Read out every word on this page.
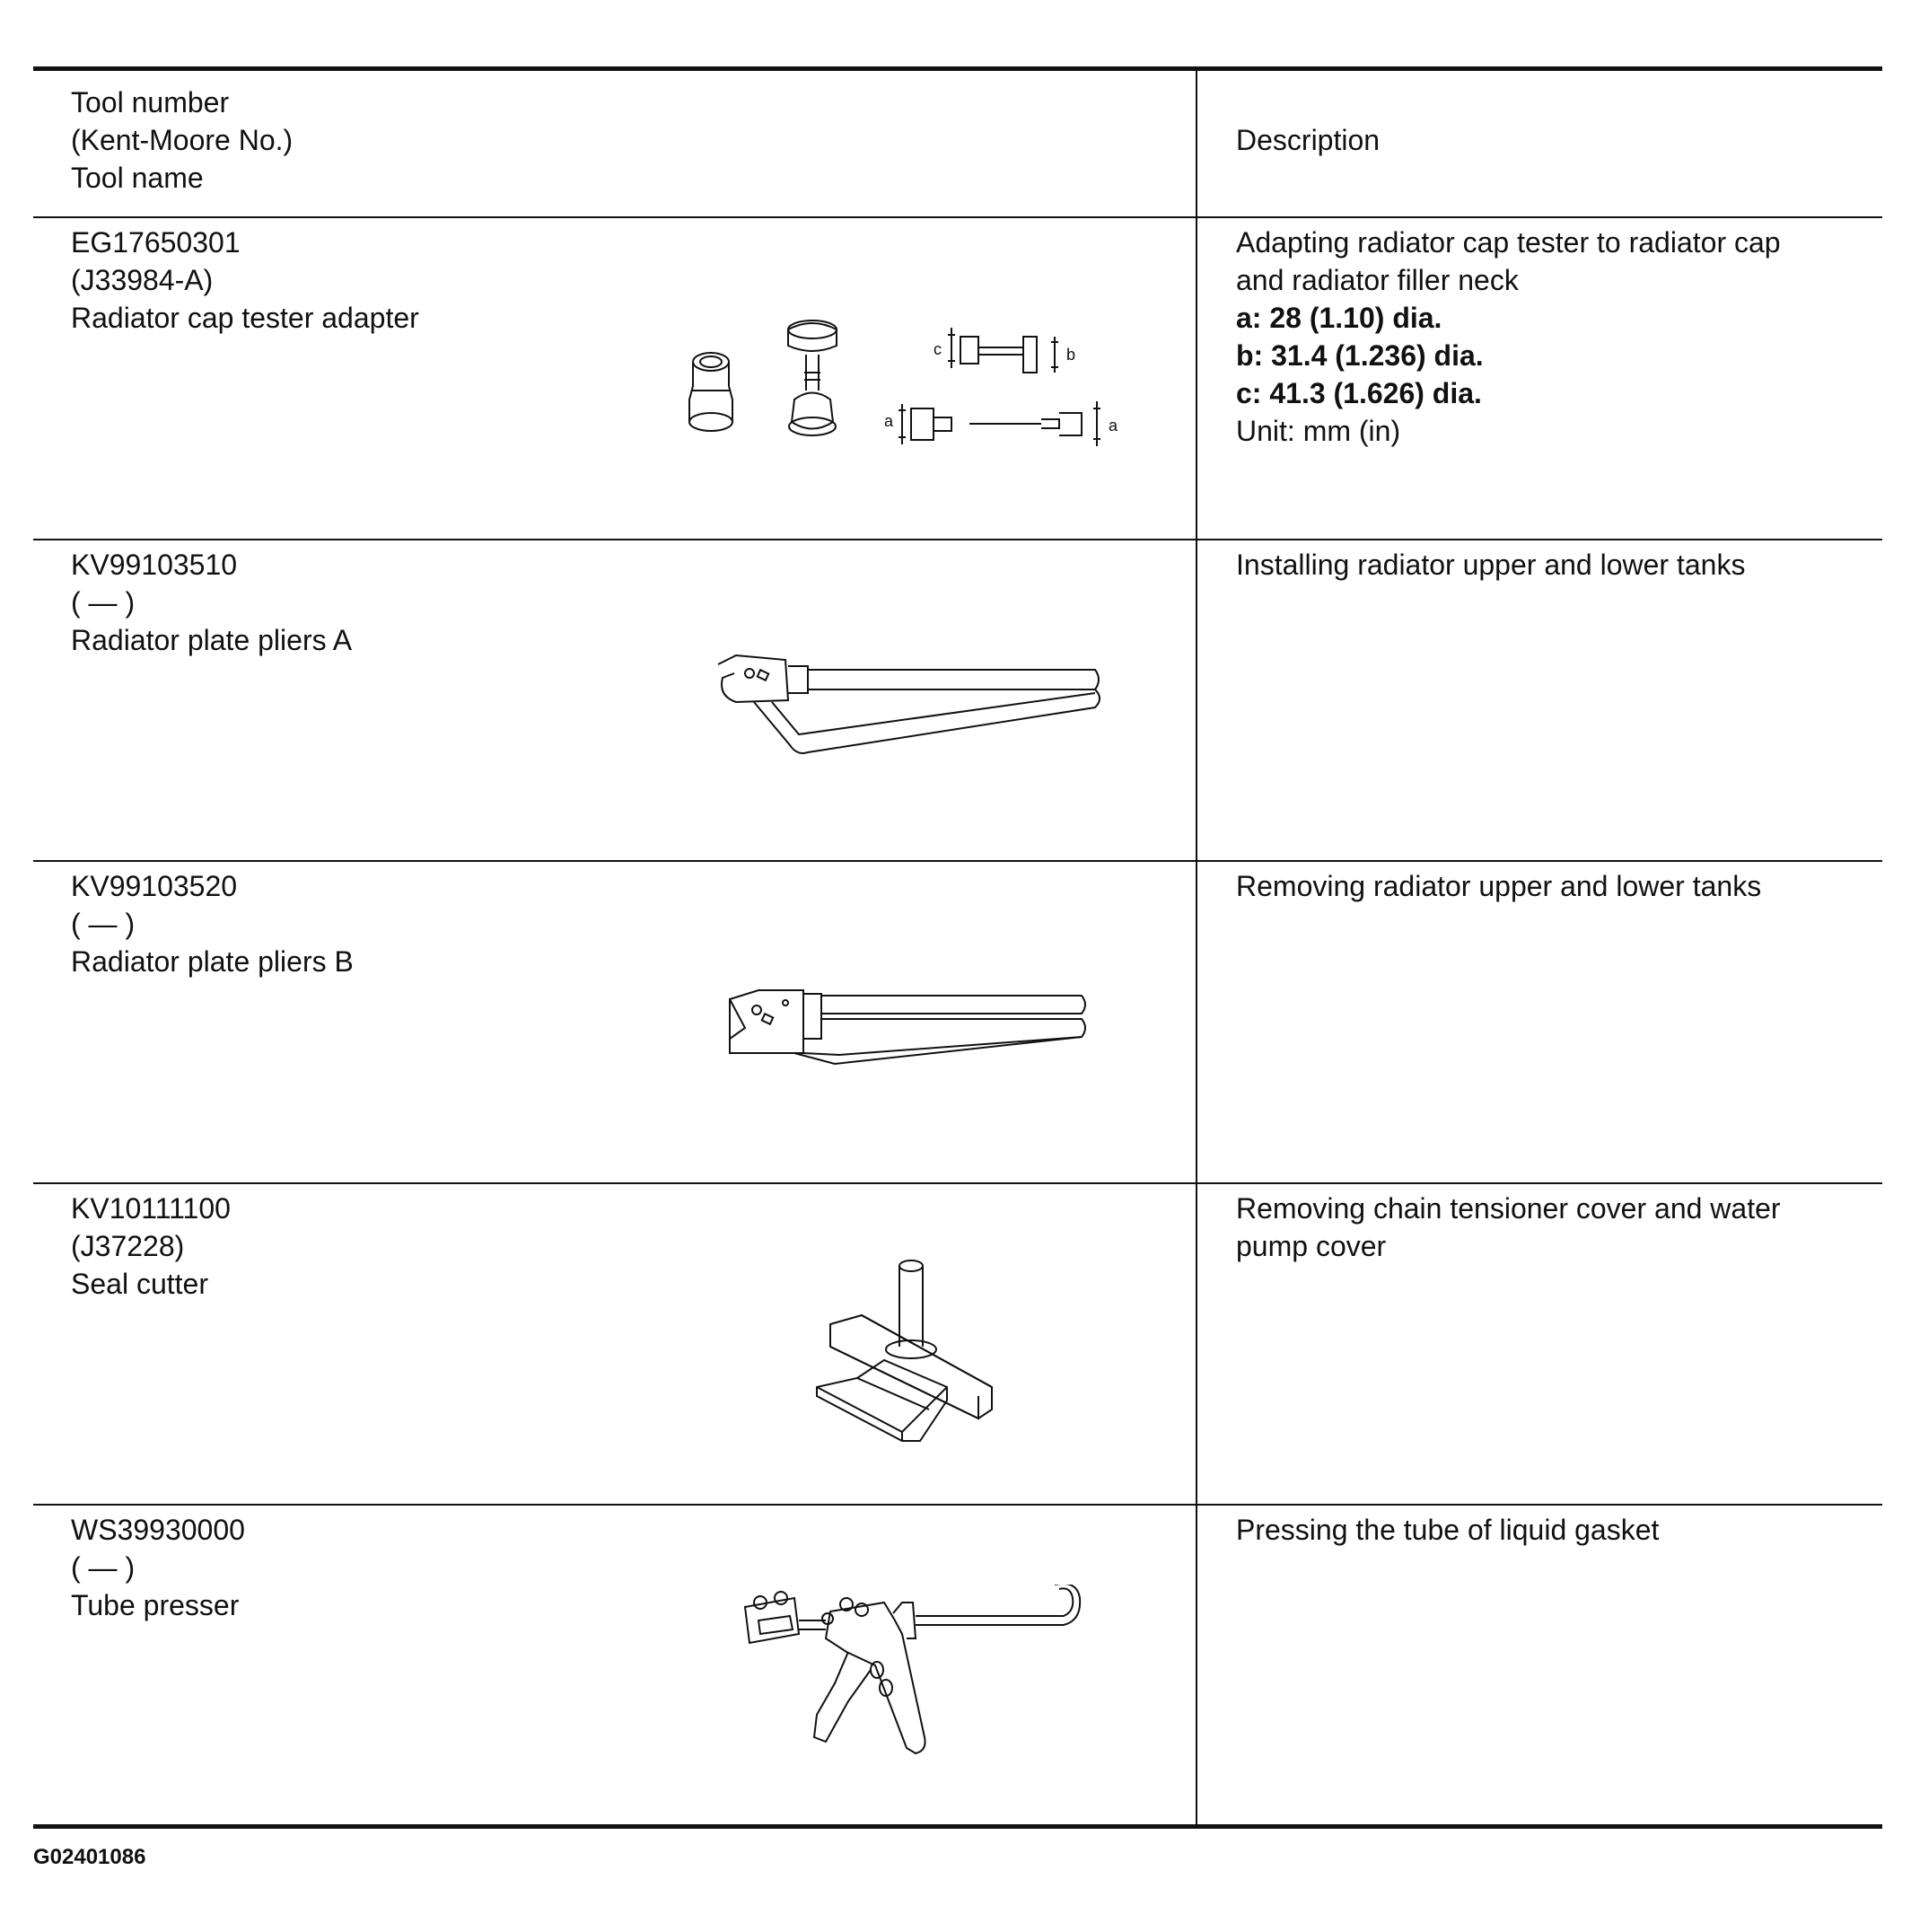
Tool number
(Kent-Moore No.)
Tool name
Description
EG17650301
(J33984-A)
Radiator cap tester adapter
Adapting radiator cap tester to radiator cap
and radiator filler neck
a: 28 (1.10) dia.
b: 31.4 (1.236) dia.
c: 41.3 (1.626) dia.
Unit: mm (in)
c	b
a	a
KV99103510
( — )
Radiator plate pliers A
Installing radiator upper and lower tanks
KV99103520
( — )
Radiator plate pliers B
Removing radiator upper and lower tanks
KV10111100
(J37228)
Seal cutter
Removing chain tensioner cover and water
pump cover
WS39930000
( — )
Tube presser
Pressing the tube of liquid gasket
G02401086
